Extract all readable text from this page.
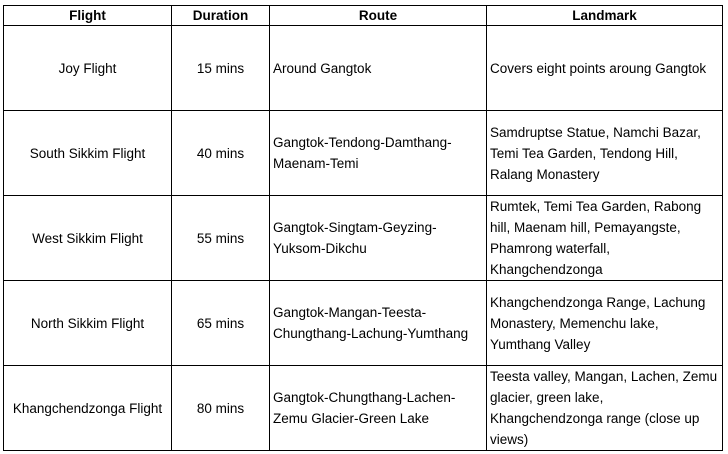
Flight	Duration	Route	Landmark
Joy Flight	15 mins	Around Gangtok	Covers eight points aroung Gangtok
South Sikkim Flight	40 mins	Gangtok-Tendong-Damthang-Maenam-Temi	Samdruptse Statue, Namchi Bazar, Temi Tea Garden, Tendong Hill, Ralang Monastery
West Sikkim Flight	55 mins	Gangtok-Singtam-Geyzing-Yuksom-Dikchu	Rumtek, Temi Tea Garden, Rabong hill, Maenam hill, Pemayangste, Phamrong waterfall, Khangchendzonga
North Sikkim Flight	65 mins	Gangtok-Mangan-Teesta-Chungthang-Lachung-Yumthang	Khangchendzonga Range, Lachung Monastery, Memenchu lake, Yumthang Valley
Khangchendzonga Flight	80 mins	Gangtok-Chungthang-Lachen-Zemu Glacier-Green Lake	Teesta valley, Mangan, Lachen, Zemu glacier, green lake, Khangchendzonga range (close up views)
